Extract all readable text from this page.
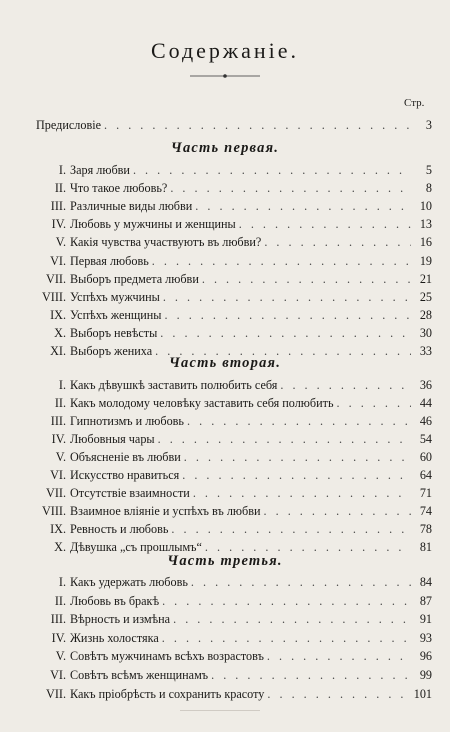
Содержаніе.
Стр.
Предисловіе . . .	3
Часть первая.
I. Заря любви . . .	5
II. Что такое любовь? . . .	8
III. Различные виды любви . . .	10
IV. Любовь у мужчины и женщины . . .	13
V. Какія чувства участвуютъ въ любви? . . .	16
VI. Первая любовь . . .	19
VII. Выборъ предмета любви . . .	21
VIII. Успѣхъ мужчины . . .	25
IX. Успѣхъ женщины . . .	28
X. Выборъ невѣсты . . .	30
XI. Выборъ жениха . . .	33
Часть вторая.
I. Какъ дѣвушкѣ заставить полюбить себя . . .	36
II. Какъ молодому человѣку заставить себя полюбить . . .	44
III. Гипнотизмъ и любовь . . .	46
IV. Любовныя чары . . .	54
V. Объясненіе въ любви . . .	60
VI. Искусство нравиться . . .	64
VII. Отсутствіе взаимности . . .	71
VIII. Взаимное вліяніе и успѣхъ въ любви . . .	74
IX. Ревность и любовь . . .	78
X. Дѣвушка „съ прошлымъ“ . . .	81
Часть третья.
I. Какъ удержать любовь . . .	84
II. Любовь въ бракѣ . . .	87
III. Вѣрность и измѣна . . .	91
IV. Жизнь холостяка . . .	93
V. Совѣтъ мужчинамъ всѣхъ возрастовъ . . .	96
VI. Совѣтъ всѣмъ женщинамъ . . .	99
VII. Какъ пріобрѣсть и сохранить красоту . . .	101
